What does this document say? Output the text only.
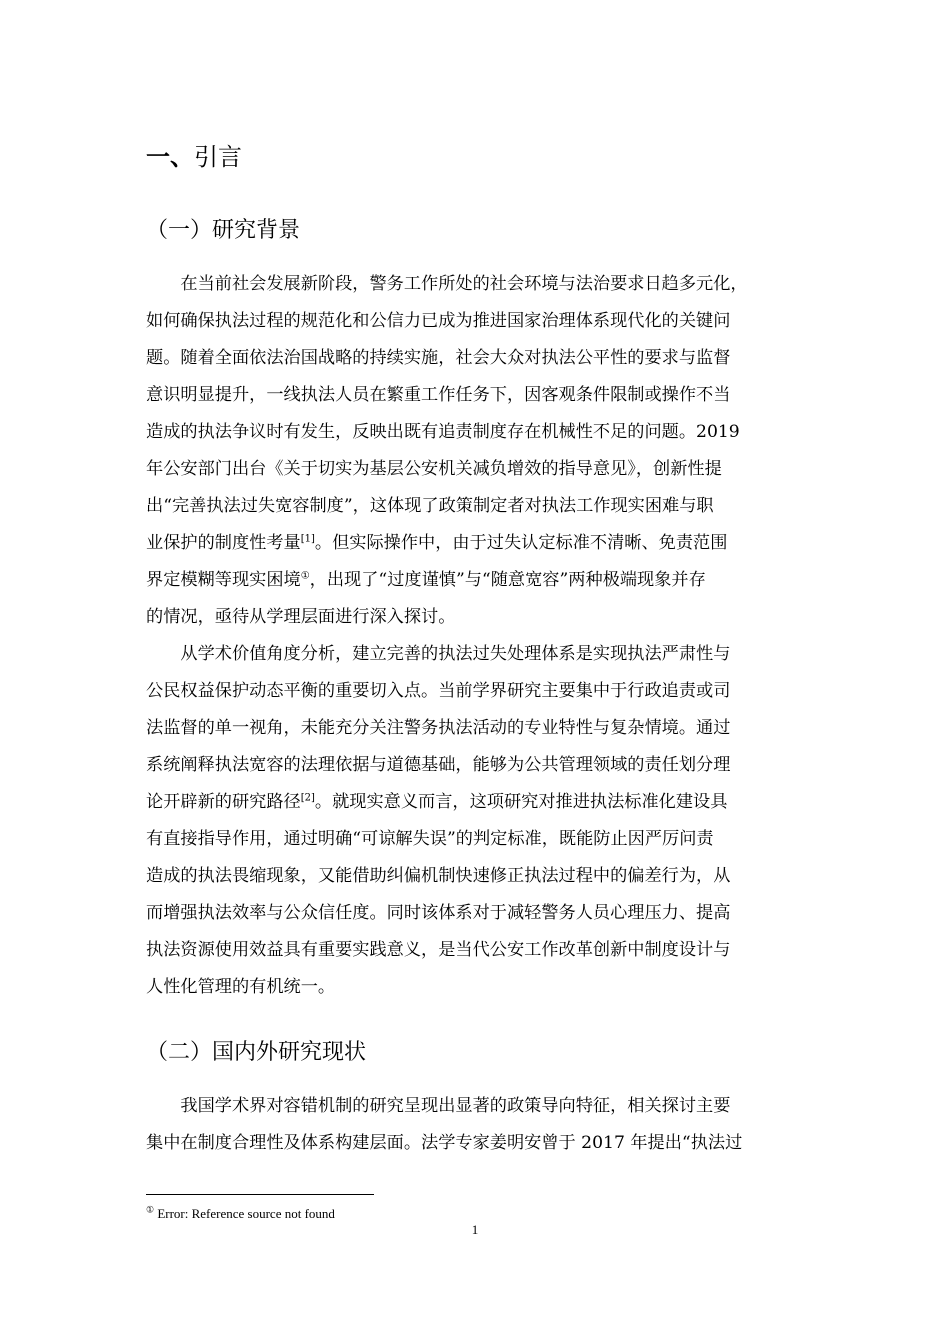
一、引言
（一）研究背景
　　在当前社会发展新阶段，警务工作所处的社会环境与法治要求日趋多元化，
如何确保执法过程的规范化和公信力已成为推进国家治理体系现代化的关键问
题。随着全面依法治国战略的持续实施，社会大众对执法公平性的要求与监督
意识明显提升，一线执法人员在繁重工作任务下，因客观条件限制或操作不当
造成的执法争议时有发生，反映出既有追责制度存在机械性不足的问题。2019
年公安部门出台《关于切实为基层公安机关减负增效的指导意见》，创新性提
出“完善执法过失宽容制度”，这体现了政策制定者对执法工作现实困难与职
业保护的制度性考量[1]。但实际操作中，由于过失认定标准不清晰、免责范围
界定模糊等现实困境①，出现了“过度谨慎”与“随意宽容”两种极端现象并存
的情况，亟待从学理层面进行深入探讨。
　　从学术价值角度分析，建立完善的执法过失处理体系是实现执法严肃性与
公民权益保护动态平衡的重要切入点。当前学界研究主要集中于行政追责或司
法监督的单一视角，未能充分关注警务执法活动的专业特性与复杂情境。通过
系统阐释执法宽容的法理依据与道德基础，能够为公共管理领域的责任划分理
论开辟新的研究路径[2]。就现实意义而言，这项研究对推进执法标准化建设具
有直接指导作用，通过明确“可谅解失误”的判定标准，既能防止因严厉问责
造成的执法畏缩现象，又能借助纠偏机制快速修正执法过程中的偏差行为，从
而增强执法效率与公众信任度。同时该体系对于减轻警务人员心理压力、提高
执法资源使用效益具有重要实践意义，是当代公安工作改革创新中制度设计与
人性化管理的有机统一。
（二）国内外研究现状
　　我国学术界对容错机制的研究呈现出显著的政策导向特征，相关探讨主要
集中在制度合理性及体系构建层面。法学专家姜明安曾于 2017 年提出“执法过
① Error: Reference source not found
1
